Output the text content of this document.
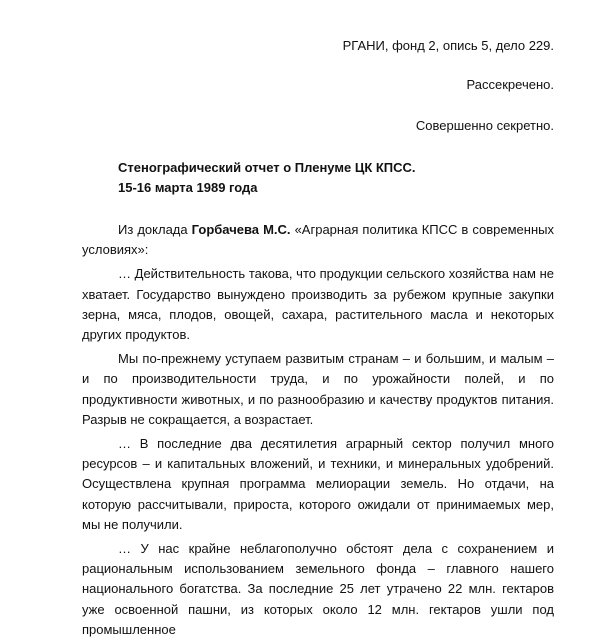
РГАНИ, фонд 2, опись 5, дело 229.
Рассекречено.
Совершенно секретно.
Стенографический отчет о Пленуме ЦК КПСС.
15-16 марта 1989 года

Из доклада Горбачева М.С. «Аграрная политика КПСС в современных условиях»:

… Действительность такова, что продукции сельского хозяйства нам не хватает. Государство вынуждено производить за рубежом крупные закупки зерна, мяса, плодов, овощей, сахара, растительного масла и некоторых других продуктов.

Мы по-прежнему уступаем развитым странам – и большим, и малым – и по производительности труда, и по урожайности полей, и по продуктивности животных, и по разнообразию и качеству продуктов питания. Разрыв не сокращается, а возрастает.

… В последние два десятилетия аграрный сектор получил много ресурсов – и капитальных вложений, и техники, и минеральных удобрений. Осуществлена крупная программа мелиорации земель. Но отдачи, на которую рассчитывали, прироста, которого ожидали от принимаемых мер, мы не получили.

… У нас крайне неблагополучно обстоят дела с сохранением и рациональным использованием земельного фонда – главного нашего национального богатства. За последние 25 лет утрачено 22 млн. гектаров уже освоенной пашни, из которых около 12 млн. гектаров ушли под промышленное
